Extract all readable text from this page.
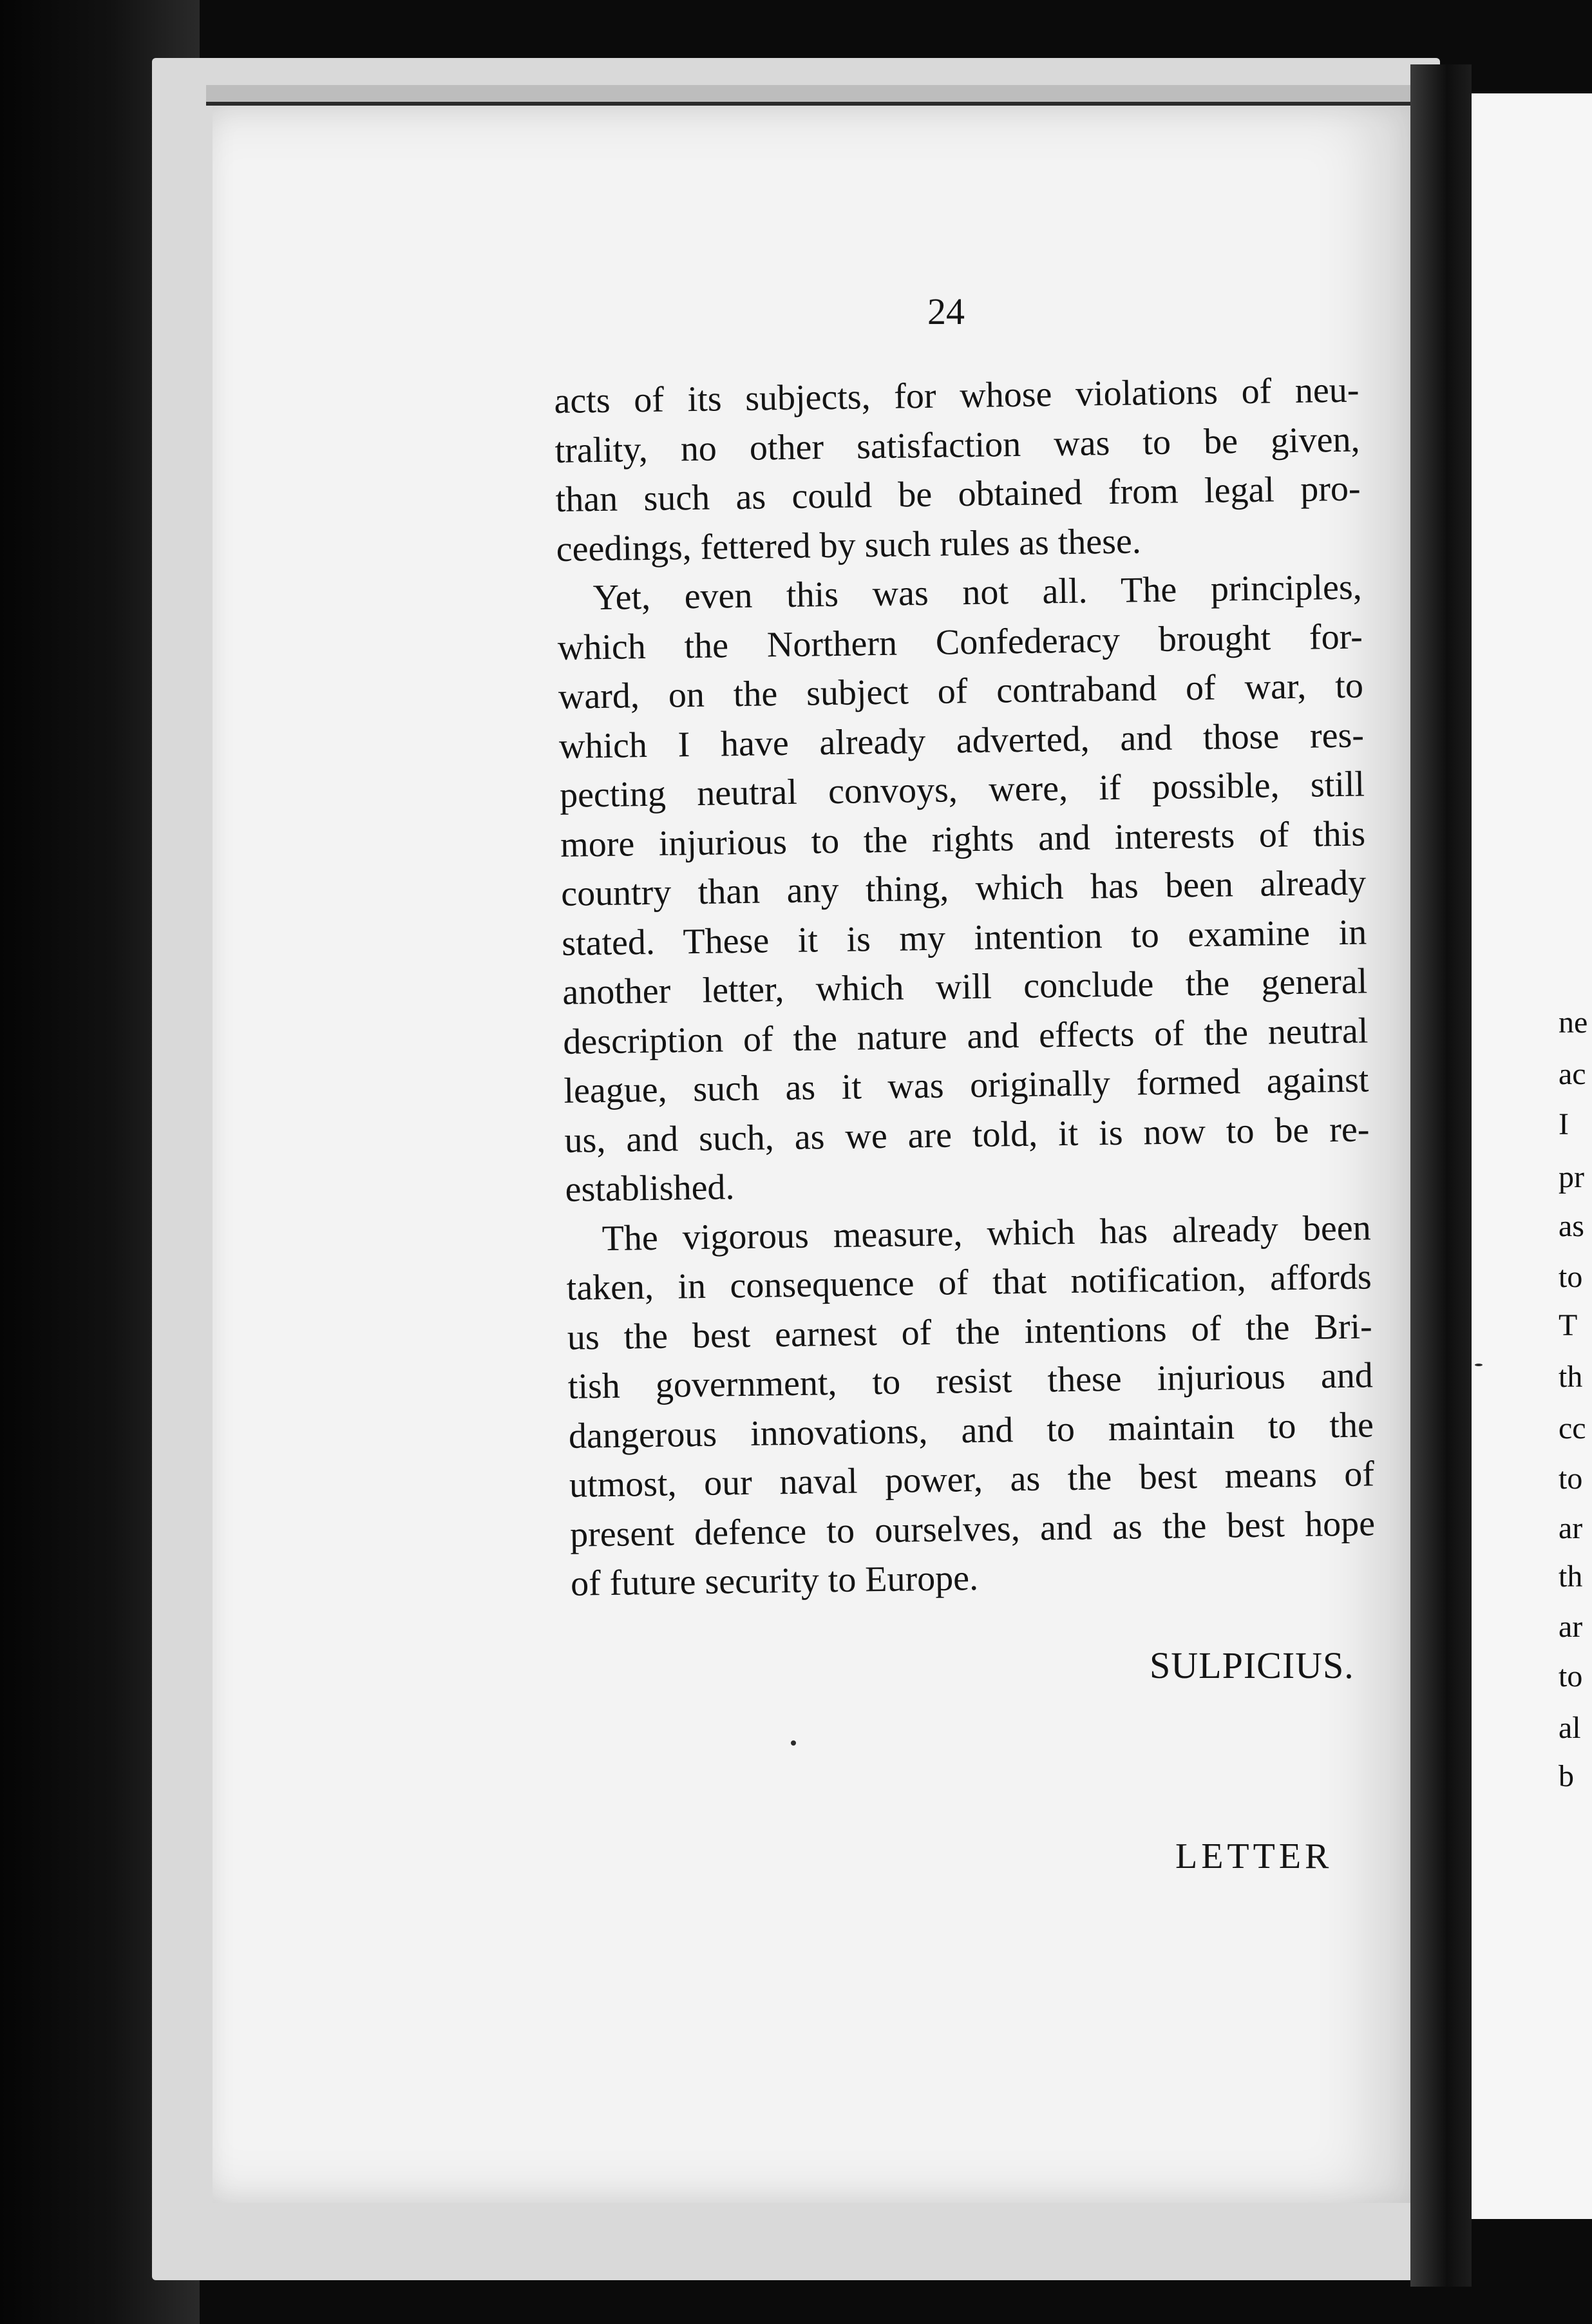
ne
ac
I
pr
as
to
T
th
cc
to
ar
th
ar
to
al
b
24
acts of its subjects, for whose violations of neu-
trality, no other satisfaction was to be given,
than such as could be obtained from legal pro-
ceedings, fettered by such rules as these.
Yet, even this was not all. The principles,
which the Northern Confederacy brought for-
ward, on the subject of contraband of war, to
which I have already adverted, and those res-
pecting neutral convoys, were, if possible, still
more injurious to the rights and interests of this
country than any thing, which has been already
stated. These it is my intention to examine in
another letter, which will conclude the general
description of the nature and effects of the neutral
league, such as it was originally formed against
us, and such, as we are told, it is now to be re-
established.
The vigorous measure, which has already been
taken, in consequence of that notification, affords
us the best earnest of the intentions of the Bri-
tish government, to resist these injurious and
dangerous innovations, and to maintain to the
utmost, our naval power, as the best means of
present defence to ourselves, and as the best hope
of future security to Europe.
SULPICIUS.
LETTER
